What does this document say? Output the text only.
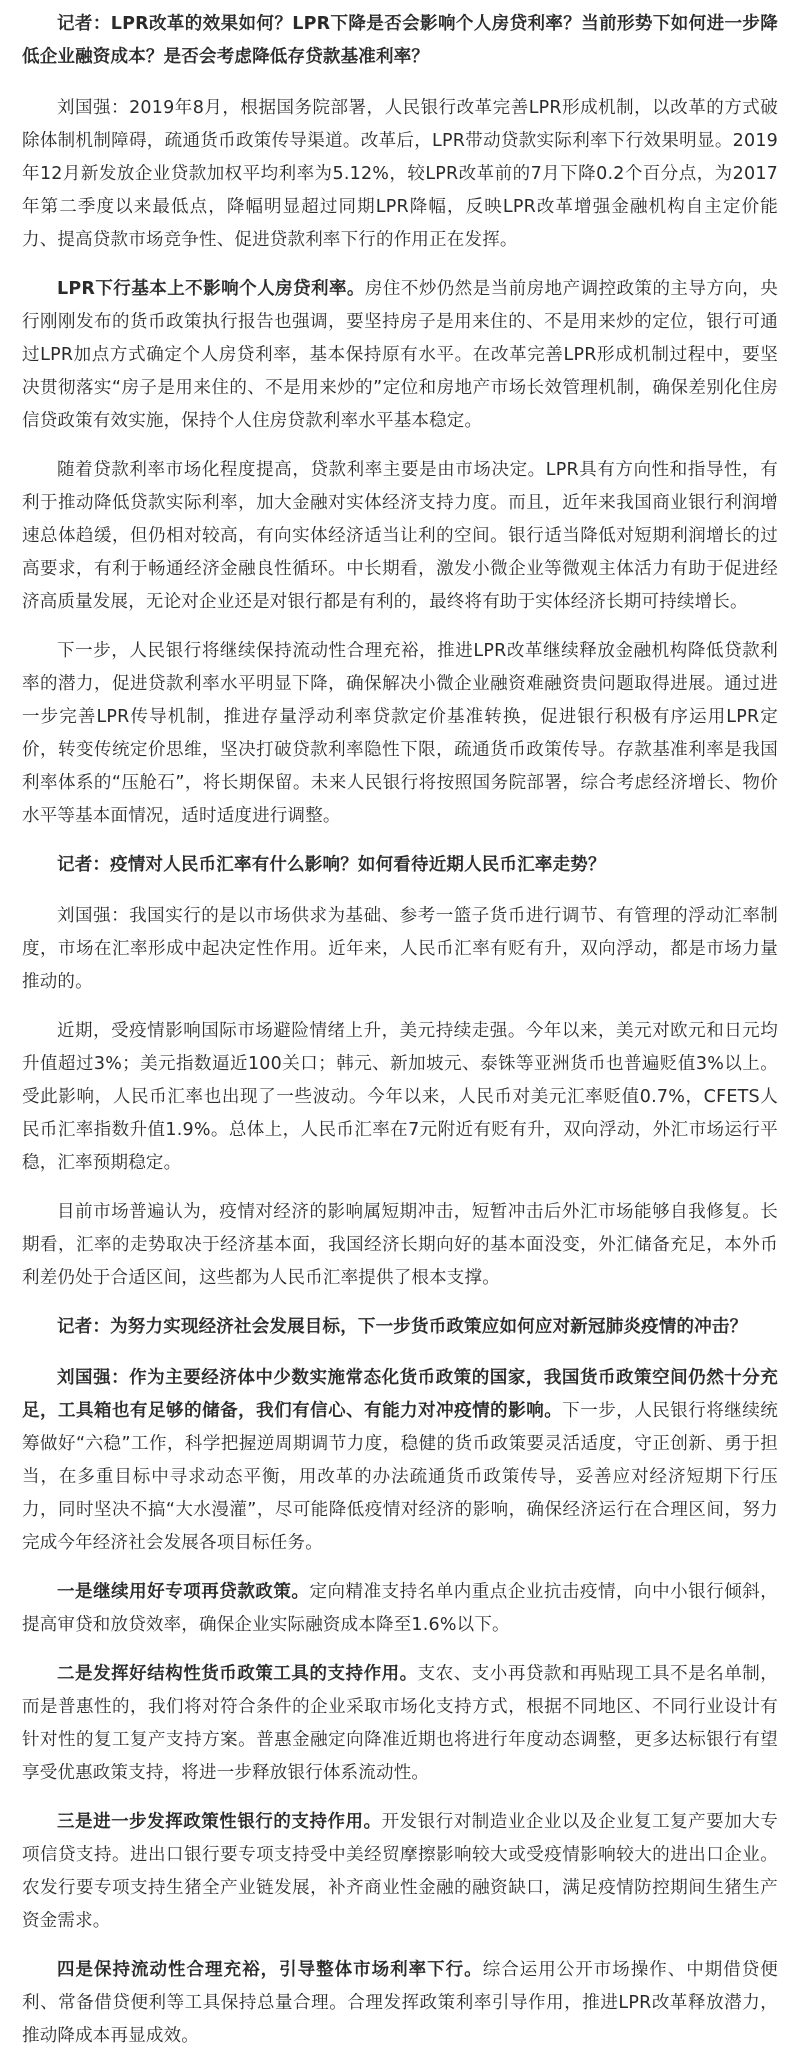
记者：LPR改革的效果如何？LPR下降是否会影响个人房贷利率？当前形势下如何进一步降低企业融资成本？是否会考虑降低存贷款基准利率？

刘国强：2019年8月，根据国务院部署，人民银行改革完善LPR形成机制，以改革的方式破除体制机制障碍，疏通货币政策传导渠道。改革后，LPR带动贷款实际利率下行效果明显。2019年12月新发放企业贷款加权平均利率为5.12%，较LPR改革前的7月下降0.2个百分点，为2017年第二季度以来最低点，降幅明显超过同期LPR降幅，反映LPR改革增强金融机构自主定价能力、提高贷款市场竞争性、促进贷款利率下行的作用正在发挥。

LPR下行基本上不影响个人房贷利率。房住不炒仍然是当前房地产调控政策的主导方向，央行刚刚发布的货币政策执行报告也强调，要坚持房子是用来住的、不是用来炒的定位，银行可通过LPR加点方式确定个人房贷利率，基本保持原有水平。在改革完善LPR形成机制过程中，要坚决贯彻落实“房子是用来住的、不是用来炒的”定位和房地产市场长效管理机制，确保差别化住房信贷政策有效实施，保持个人住房贷款利率水平基本稳定。

随着贷款利率市场化程度提高，贷款利率主要是由市场决定。LPR具有方向性和指导性，有利于推动降低贷款实际利率，加大金融对实体经济支持力度。而且，近年来我国商业银行利润增速总体趋缓，但仍相对较高，有向实体经济适当让利的空间。银行适当降低对短期利润增长的过高要求，有利于畅通经济金融良性循环。中长期看，激发小微企业等微观主体活力有助于促进经济高质量发展，无论对企业还是对银行都是有利的，最终将有助于实体经济长期可持续增长。

下一步，人民银行将继续保持流动性合理充裕，推进LPR改革继续释放金融机构降低贷款利率的潜力，促进贷款利率水平明显下降，确保解决小微企业融资难融资贵问题取得进展。通过进一步完善LPR传导机制，推进存量浮动利率贷款定价基准转换，促进银行积极有序运用LPR定价，转变传统定价思维，坚决打破贷款利率隐性下限，疏通货币政策传导。存款基准利率是我国利率体系的“压舱石”，将长期保留。未来人民银行将按照国务院部署，综合考虑经济增长、物价水平等基本面情况，适时适度进行调整。

记者：疫情对人民币汇率有什么影响？如何看待近期人民币汇率走势？

刘国强：我国实行的是以市场供求为基础、参考一篮子货币进行调节、有管理的浮动汇率制度，市场在汇率形成中起决定性作用。近年来，人民币汇率有贬有升，双向浮动，都是市场力量推动的。

近期，受疫情影响国际市场避险情绪上升，美元持续走强。今年以来，美元对欧元和日元均升值超过3%；美元指数逼近100关口；韩元、新加坡元、泰铢等亚洲货币也普遍贬值3%以上。受此影响，人民币汇率也出现了一些波动。今年以来，人民币对美元汇率贬值0.7%，CFETS人民币汇率指数升值1.9%。总体上，人民币汇率在7元附近有贬有升，双向浮动，外汇市场运行平稳，汇率预期稳定。

目前市场普遍认为，疫情对经济的影响属短期冲击，短暂冲击后外汇市场能够自我修复。长期看，汇率的走势取决于经济基本面，我国经济长期向好的基本面没变，外汇储备充足，本外币利差仍处于合适区间，这些都为人民币汇率提供了根本支撑。

记者：为努力实现经济社会发展目标，下一步货币政策应如何应对新冠肺炎疫情的冲击？

刘国强：作为主要经济体中少数实施常态化货币政策的国家，我国货币政策空间仍然十分充足，工具箱也有足够的储备，我们有信心、有能力对冲疫情的影响。下一步，人民银行将继续统筹做好“六稳”工作，科学把握逆周期调节力度，稳健的货币政策要灵活适度，守正创新、勇于担当，在多重目标中寻求动态平衡，用改革的办法疏通货币政策传导，妥善应对经济短期下行压力，同时坚决不搞“大水漫灌”，尽可能降低疫情对经济的影响，确保经济运行在合理区间，努力完成今年经济社会发展各项目标任务。

一是继续用好专项再贷款政策。定向精准支持名单内重点企业抗击疫情，向中小银行倾斜，提高审贷和放贷效率，确保企业实际融资成本降至1.6%以下。

二是发挥好结构性货币政策工具的支持作用。支农、支小再贷款和再贴现工具不是名单制，而是普惠性的，我们将对符合条件的企业采取市场化支持方式，根据不同地区、不同行业设计有针对性的复工复产支持方案。普惠金融定向降准近期也将进行年度动态调整，更多达标银行有望享受优惠政策支持，将进一步释放银行体系流动性。

三是进一步发挥政策性银行的支持作用。开发银行对制造业企业以及企业复工复产要加大专项信贷支持。进出口银行要专项支持受中美经贸摩擦影响较大或受疫情影响较大的进出口企业。农发行要专项支持生猪全产业链发展，补齐商业性金融的融资缺口，满足疫情防控期间生猪生产资金需求。

四是保持流动性合理充裕，引导整体市场利率下行。综合运用公开市场操作、中期借贷便利、常备借贷便利等工具保持总量合理。合理发挥政策利率引导作用，推进LPR改革释放潜力，推动降成本再显成效。
